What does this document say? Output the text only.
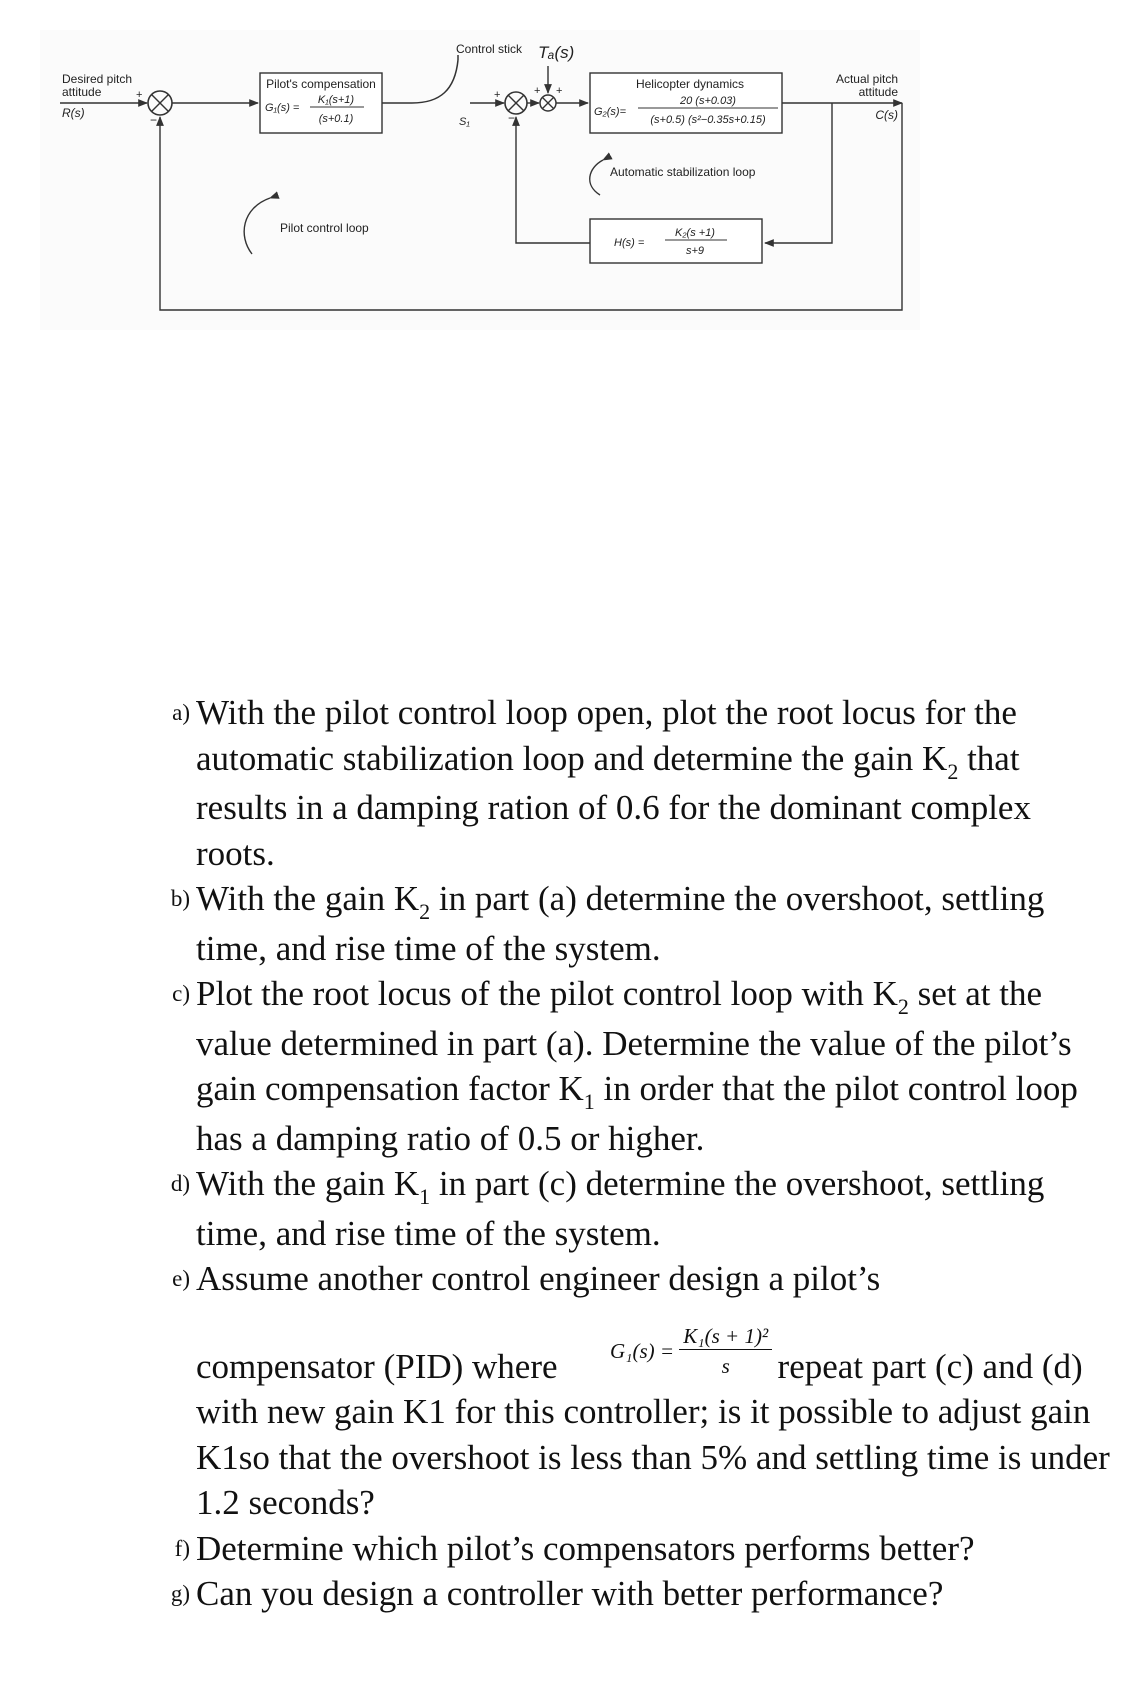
Desired pitch
attitude
R(s)
+
−
Pilot's compensation
G₁(s) =
K₁(s+1)
(s+0.1)
Control stick
S₁
+
−
+ +
Tₐ(s)
Helicopter dynamics
G₂(s)=
20 (s+0.03)
(s+0.5) (s²−0.35s+0.15)
Actual pitch
attitude
C(s)
H(s) =
K₂(s +1)
s+9
Automatic stabilization loop
Pilot control loop
a) With the pilot control loop open, plot the root locus for the automatic stabilization loop and determine the gain $K_2$ that results in a damping ration of 0.6 for the dominant complex roots.
b) With the gain $K_2$ in part (a) determine the overshoot, settling time, and rise time of the system.
c) Plot the root locus of the pilot control loop with $K_2$ set at the value determined in part (a). Determine the value of the pilot’s gain compensation factor $K_1$ in order that the pilot control loop has a damping ratio of 0.5 or higher.
d) With the gain $K_1$ in part (c) determine the overshoot, settling time, and rise time of the system.
e) Assume another control engineer design a pilot’s
compensator (PID) where	repeat part (c) and (d) with new gain K1 for this controller; is it possible to adjust gain K1so that the overshoot is less than 5% and settling time is under 1.2 seconds?
f) Determine which pilot’s compensators performs better?
g) Can you design a controller with better performance?
$G_1(s) = \frac{\text{K₁(s + 1)²}}{s}$
